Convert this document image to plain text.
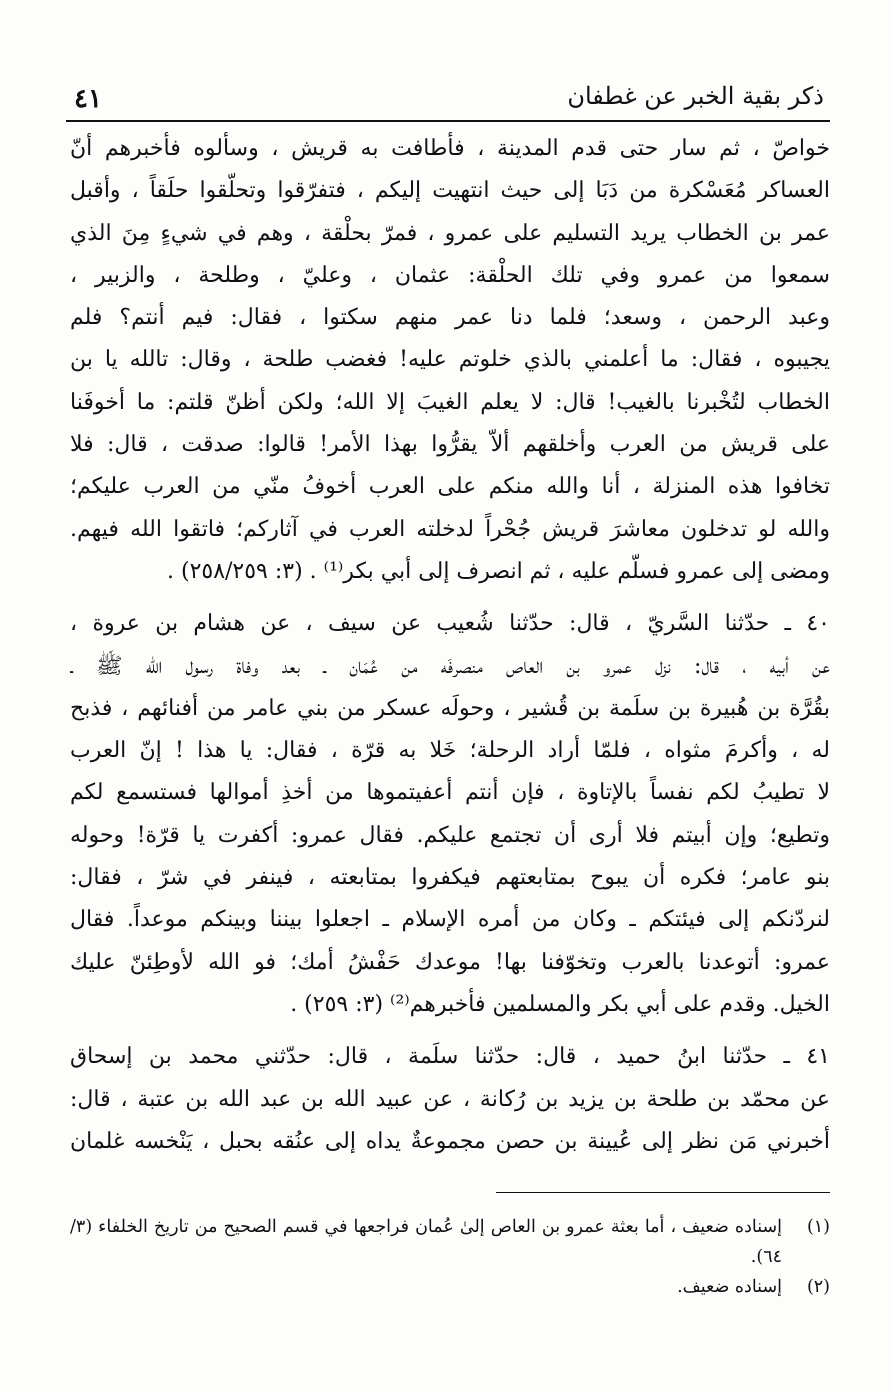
٤١	ذكر بقية الخبر عن غطفان

خواصّ ، ثم سار حتى قدم المدينة ، فأطافت به قريش ، وسألوه فأخبرهم أنّ
العساكر مُعَسْكرة من دَبَا إلى حيث انتهيت إليكم ، فتفرّقوا وتحلّقوا حلَقاً ، وأقبل
عمر بن الخطاب يريد التسليم على عمرو ، فمرّ بحلْقة ، وهم في شيءٍ مِنَ الذي
سمعوا من عمرو وفي تلك الحلْقة: عثمان ، وعليّ ، وطلحة ، والزبير ،
وعبد الرحمن ، وسعد؛ فلما دنا عمر منهم سكتوا ، فقال: فيم أنتم؟ فلم
يجيبوه ، فقال: ما أعلمني بالذي خلوتم عليه! فغضب طلحة ، وقال: تالله يا بن
الخطاب لتُخْبرنا بالغيب! قال: لا يعلم الغيبَ إلا الله؛ ولكن أظنّ قلتم: ما أخوفَنا
على قريش من العرب وأخلقهم ألاّ يقرُّوا بهذا الأمر! قالوا: صدقت ، قال: فلا
تخافوا هذه المنزلة ، أنا والله منكم على العرب أخوفُ منّي من العرب عليكم؛
والله لو تدخلون معاشرَ قريش جُحْراً لدخلته العرب في آثاركم؛ فاتقوا الله فيهم.
ومضى إلى عمرو فسلّم عليه ، ثم انصرف إلى أبي بكر⁽¹⁾ . (٣: ٢٥٨/٢٥٩) .

٤٠ ـ حدّثنا السَّريّ ، قال: حدّثنا شُعيب عن سيف ، عن هشام بن عروة ،
عن أبيه ، قال: نزل عمرو بن العاص منصرفَه من عُمَان ـ بعد وفاة رسول الله ﷺ ـ
بقُرَّة بن هُبيرة بن سلَمة بن قُشير ، وحولَه عسكر من بني عامر من أفنائهم ، فذبح
له ، وأكرمَ مثواه ، فلمّا أراد الرحلة؛ خَلا به قرّة ، فقال: يا هذا ! إنّ العرب
لا تطيبُ لكم نفساً بالإتاوة ، فإن أنتم أعفيتموها من أخذِ أموالها فستسمع لكم
وتطيع؛ وإن أبيتم فلا أرى أن تجتمع عليكم. فقال عمرو: أكفرت يا قرّة! وحوله
بنو عامر؛ فكره أن يبوح بمتابعتهم فيكفروا بمتابعته ، فينفر في شرّ ، فقال:
لنردّنكم إلى فيئتكم ـ وكان من أمره الإسلام ـ اجعلوا بيننا وبينكم موعداً. فقال
عمرو: أتوعدنا بالعرب وتخوّفنا بها! موعدك حَفْشُ أمك؛ فو الله لأوطِئنّ عليك
الخيل. وقدم على أبي بكر والمسلمين فأخبرهم⁽²⁾ (٣: ٢٥٩) .

٤١ ـ حدّثنا ابنُ حميد ، قال: حدّثنا سلَمة ، قال: حدّثني محمد بن إسحاق
عن محمّد بن طلحة بن يزيد بن رُكانة ، عن عبيد الله بن عبد الله بن عتبة ، قال:
أخبرني مَن نظر إلى عُيينة بن حصن مجموعةٌ يداه إلى عنُقه بحبل ، يَنْخسه غلمان

(١)
إسناده ضعيف ، أما بعثة عمرو بن العاص إلىٰ عُمان فراجعها في قسم الصحيح من تاريخ الخلفاء (٣/ ٦٤).
(٢)
إسناده ضعيف.
